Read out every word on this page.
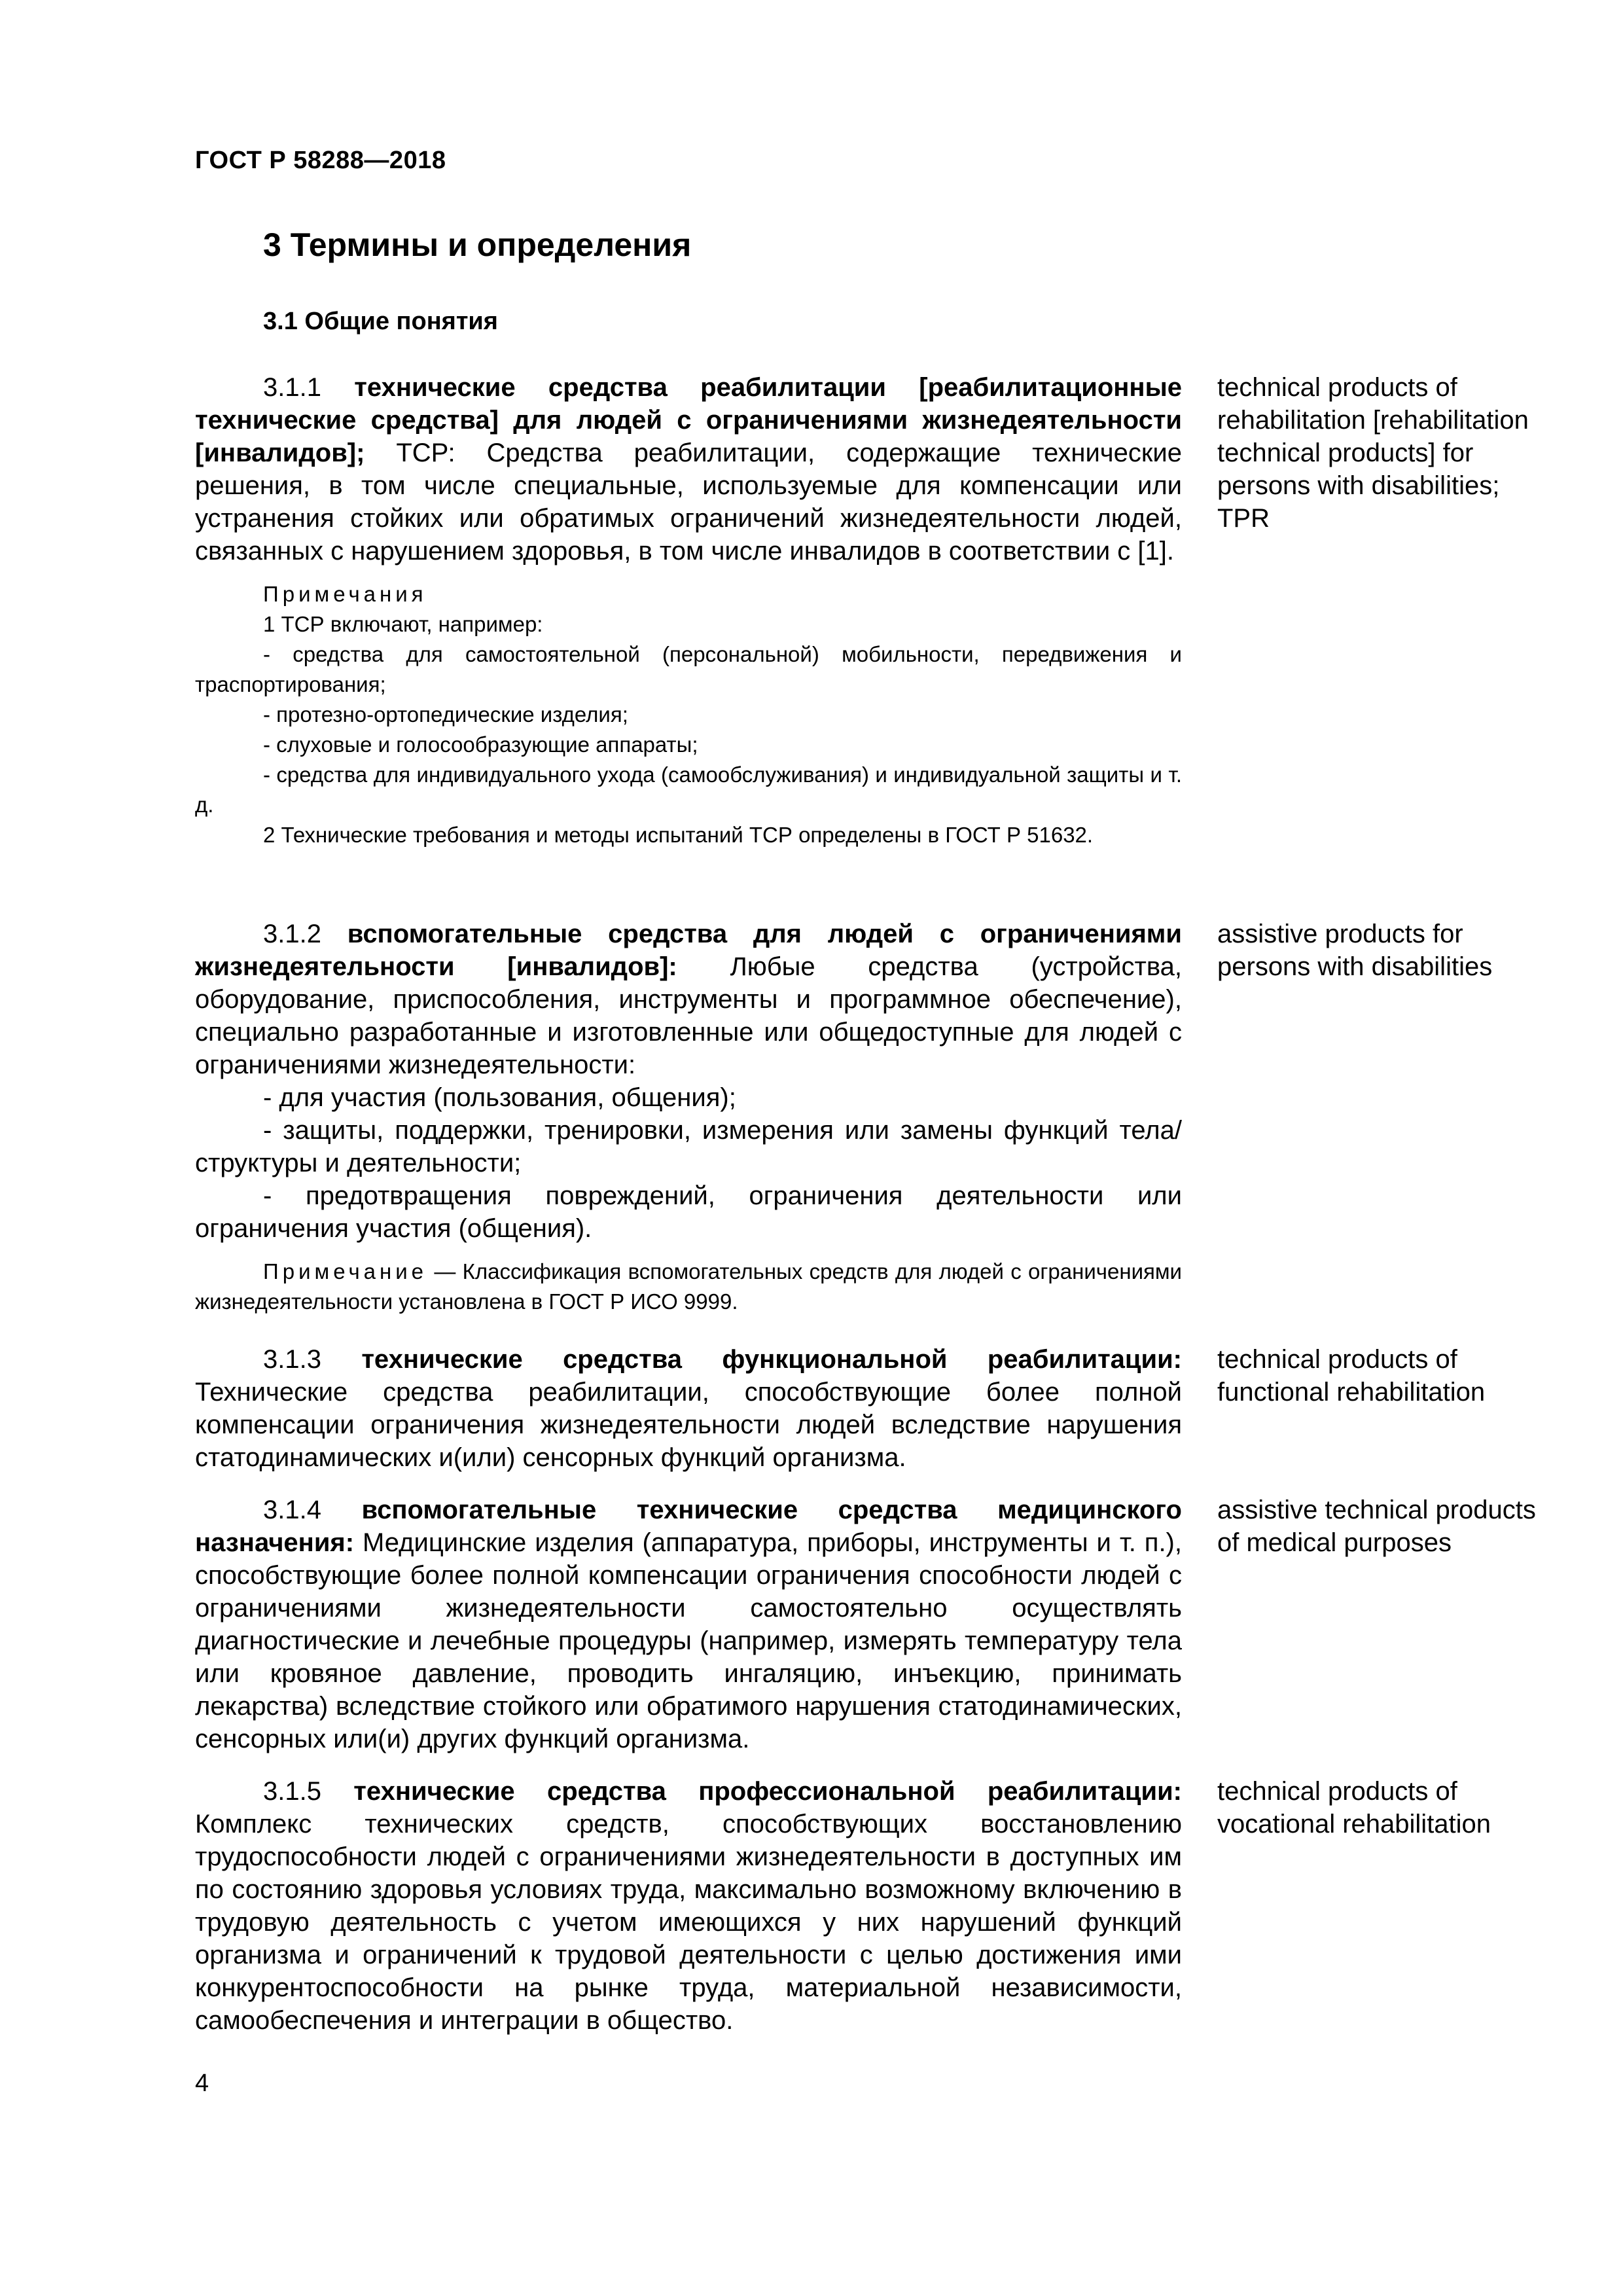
ГОСТ Р 58288—2018
3 Термины и определения
3.1 Общие понятия

3.1.1 технические средства реабилитации [реабилитационные технические средства] для людей с ограничениями жизнедеятельности [инвалидов]; ТСР: Средства реабилитации, содержащие технические решения, в том числе специальные, используемые для компенсации или устранения стойких или обратимых ограничений жизнедеятельности людей, связанных с нарушением здоровья, в том числе инвалидов в соответствии с [1].

Примечания

1 ТСР включают, например:

- средства для самостоятельной (персональной) мобильности, передвижения и траспортирования;

- протезно-ортопедические изделия;

- слуховые и голосообразующие аппараты;

- средства для индивидуального ухода (самообслуживания) и индивидуальной защиты и т. д.

2 Технические требования и методы испытаний ТСР определены в ГОСТ Р 51632.

technical products of rehabilitation [rehabilitation technical products] for persons with disabilities; TPR

3.1.2 вспомогательные средства для людей с ограничениями жизнедеятельности [инвалидов]: Любые средства (устройства, оборудование, приспособления, инструменты и программное обеспечение), специально разработанные и изготовленные или общедоступные для людей с ограничениями жизнедеятельности:

- для участия (пользования, общения);

- защиты, поддержки, тренировки, измерения или замены функций тела/структуры и деятельности;

- предотвращения повреждений, ограничения деятельности или ограничения участия (общения).

Примечание — Классификация вспомогательных средств для людей с ограничениями жизнедеятельности установлена в ГОСТ Р ИСО 9999.

assistive products for persons with disabilities

3.1.3 технические средства функциональной реабилитации: Технические средства реабилитации, способствующие более полной компенсации ограничения жизнедеятельности людей вследствие нарушения статодинамических и(или) сенсорных функций организма.

technical products of functional rehabilitation

3.1.4 вспомогательные технические средства медицинского назначения: Медицинские изделия (аппаратура, приборы, инструменты и т. п.), способствующие более полной компенсации ограничения способности людей с ограничениями жизнедеятельности самостоятельно осуществлять диагностические и лечебные процедуры (например, измерять температуру тела или кровяное давление, проводить ингаляцию, инъекцию, принимать лекарства) вследствие стойкого или обратимого нарушения статодинамических, сенсорных или(и) других функций организма.

assistive technical products of medical purposes

3.1.5 технические средства профессиональной реабилитации: Комплекс технических средств, способствующих восстановлению трудоспособности людей с ограничениями жизнедеятельности в доступных им по состоянию здоровья условиях труда, максимально возможному включению в трудовую деятельность с учетом имеющихся у них нарушений функций организма и ограничений к трудовой деятельности с целью достижения ими конкурентоспособности на рынке труда, материальной независимости, самообеспечения и интеграции в общество.

technical products of vocational rehabilitation

4
